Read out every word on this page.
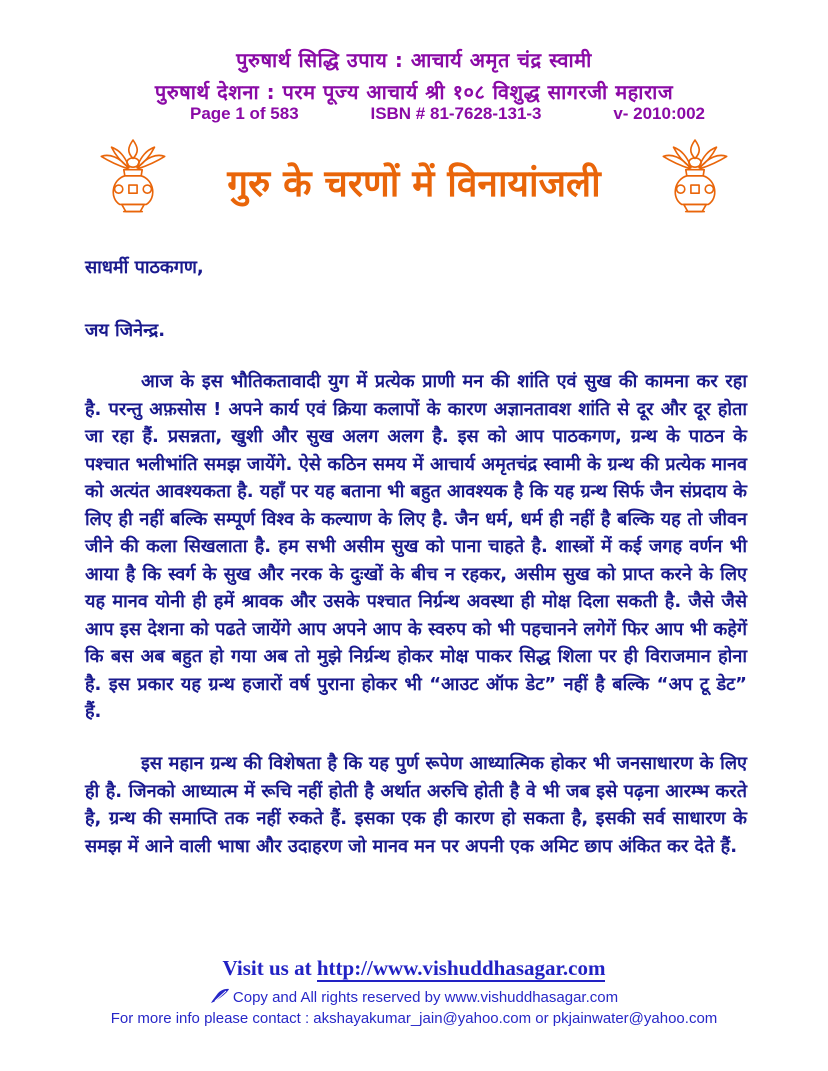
पुरुषार्थ सिद्धि उपाय : आचार्य अमृत चंद्र स्वामी
पुरुषार्थ देशना : परम पूज्य आचार्य श्री १०८ विशुद्ध सागरजी महाराज
Page 1 of 583	ISBN # 81-7628-131-3	v- 2010:002
गुरु के चरणों में विनायांजली
साधर्मी पाठकगण,
जय जिनेन्द्र.

आज के इस भौतिकतावादी युग में प्रत्येक प्राणी मन की शांति एवं सुख की कामना कर रहा है. परन्तु अफ़सोस ! अपने कार्य एवं क्रिया कलापों के कारण अज्ञानतावश शांति से दूर और दूर होता जा रहा हैं. प्रसन्नता, खुशी और सुख अलग अलग है. इस को आप पाठकगण, ग्रन्थ के पाठन के पश्चात भलीभांति समझ जायेंगे. ऐसे कठिन समय में आचार्य अमृतचंद्र स्वामी के ग्रन्थ की प्रत्येक मानव को अत्यंत आवश्यकता है. यहाँ पर यह बताना भी बहुत आवश्यक है कि यह ग्रन्थ सिर्फ जैन संप्रदाय के लिए ही नहीं बल्कि सम्पूर्ण विश्व के कल्याण के लिए है. जैन धर्म, धर्म ही नहीं है बल्कि यह तो जीवन जीने की कला सिखलाता है. हम सभी असीम सुख को पाना चाहते है. शास्त्रों में कई जगह वर्णन भी आया है कि स्वर्ग के सुख और नरक के दुःखों के बीच न रहकर, असीम सुख को प्राप्त करने के लिए यह मानव योनी ही हमें श्रावक और उसके पश्चात निर्ग्रन्थ अवस्था ही मोक्ष दिला सकती है. जैसे जैसे आप इस देशना को पढते जायेंगे आप अपने आप के स्वरुप को भी पहचानने लगेगें फिर आप भी कहेगें कि बस अब बहुत हो गया अब तो मुझे निर्ग्रन्थ होकर मोक्ष पाकर सिद्ध शिला पर ही विराजमान होना है. इस प्रकार यह ग्रन्थ हजारों वर्ष पुराना होकर भी “आउट ऑफ डेट” नहीं है बल्कि “अप टू डेट” हैं.

इस महान ग्रन्थ की विशेषता है कि यह पुर्ण रूपेण आध्यात्मिक होकर भी जनसाधारण के लिए ही है. जिनको आध्यात्म में रूचि नहीं होती है अर्थात अरुचि होती है वे भी जब इसे पढ़ना आरम्भ करते है, ग्रन्थ की समाप्ति तक नहीं रुकते हैं. इसका एक ही कारण हो सकता है, इसकी सर्व साधारण के समझ में आने वाली भाषा और उदाहरण जो मानव मन पर अपनी एक अमिट छाप अंकित कर देते हैं.

Visit us at http://www.vishuddhasagar.com
Copy and All rights reserved by www.vishuddhasagar.com
For more info please contact : akshayakumar_jain@yahoo.com or pkjainwater@yahoo.com
